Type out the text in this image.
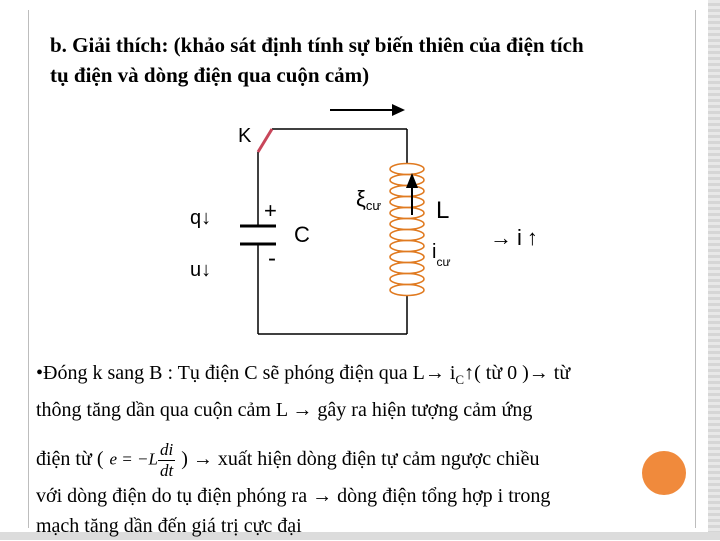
b. Giải thích: (khảo sát định tính sự biến thiên của điện tích
tụ điện và dòng điện qua cuộn cảm)
K
q↓
u↓
+
-
C
ξcư L
$i_{cư}$
→ i ↑

•Đóng k sang B : Tụ điện C sẽ phóng điện qua $L\to i_C↑$( từ 0 )→ từ
thông tăng dần qua cuộn cảm L → gây ra hiện tượng cảm ứng

điện từ ( $e = -L \frac{di}{dt}$ ) → xuất hiện dòng điện tự cảm ngược chiều
với dòng điện do tụ điện phóng ra → dòng điện tổng hợp i trong
mạch tăng dần đến giá trị cực đại
